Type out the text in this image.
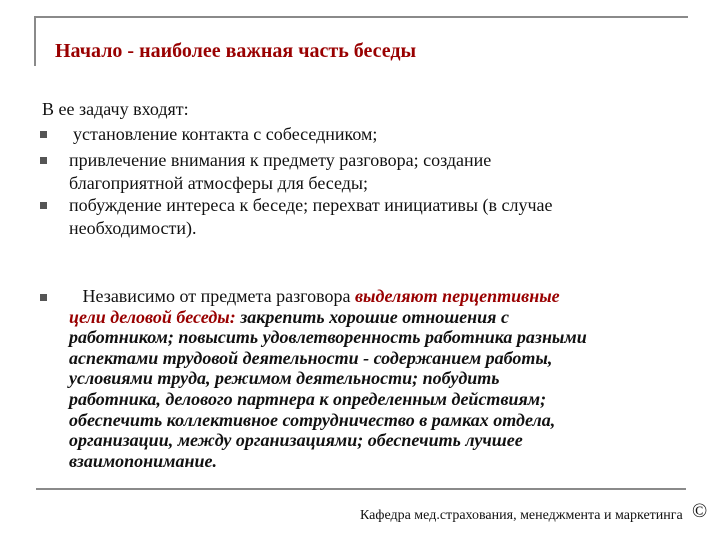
Начало - наиболее важная часть беседы
В ее задачу входят:
установление контакта с собеседником;
привлечение внимания к предмету разговора; создание
благоприятной атмосферы для беседы;
побуждение интереса к беседе; перехват инициативы (в случае
необходимости).
Независимо от предмета разговора выделяют перцептивные
цели деловой беседы: закрепить хорошие отношения с
работником; повысить удовлетворенность работника разными
аспектами трудовой деятельности - содержанием работы,
условиями труда, режимом деятельности; побудить
работника, делового партнера к определенным действиям;
обеспечить коллективное сотрудничество в рамках отдела,
организации, между организациями; обеспечить лучшее
взаимопонимание.
Кафедра мед.страхования, менеджмента и маркетинга ©
